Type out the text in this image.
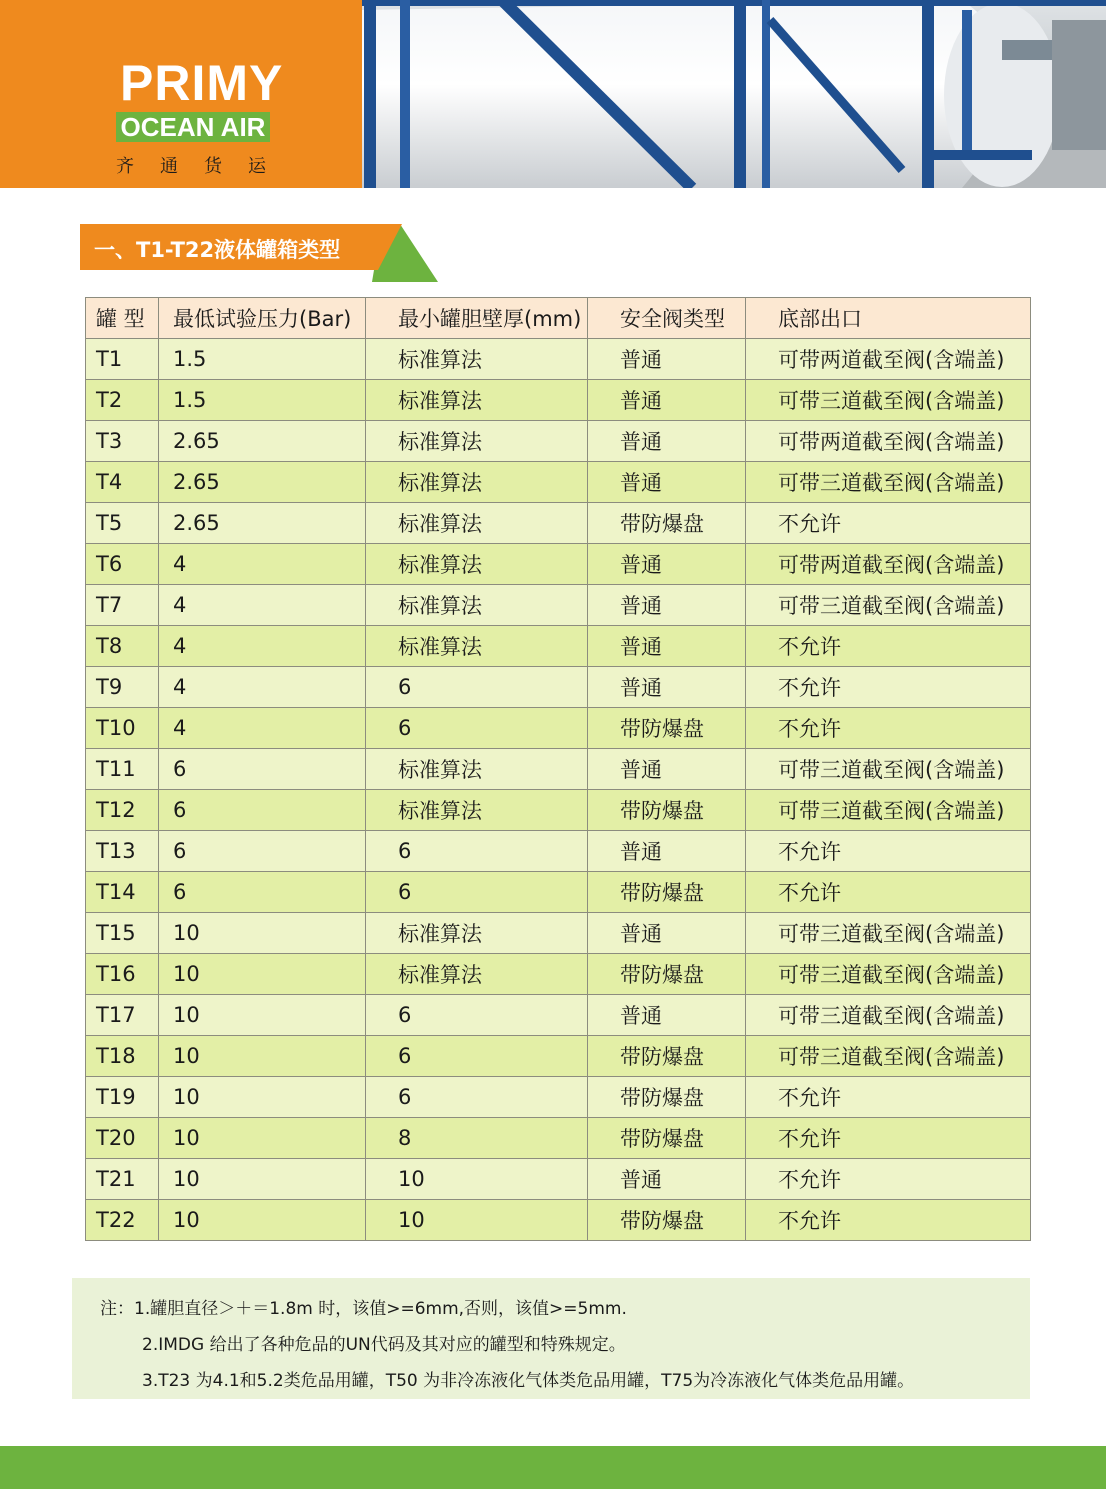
PRIMY
OCEAN AIR
齐通货运
一、T1-T22液体罐箱类型
罐 型	最低试验压力(Bar)	最小罐胆壁厚(mm)	安全阀类型	底部出口
T1	1.5	标准算法	普通	可带两道截至阀(含端盖)
T2	1.5	标准算法	普通	可带三道截至阀(含端盖)
T3	2.65	标准算法	普通	可带两道截至阀(含端盖)
T4	2.65	标准算法	普通	可带三道截至阀(含端盖)
T5	2.65	标准算法	带防爆盘	不允许
T6	4	标准算法	普通	可带两道截至阀(含端盖)
T7	4	标准算法	普通	可带三道截至阀(含端盖)
T8	4	标准算法	普通	不允许
T9	4	6	普通	不允许
T10	4	6	带防爆盘	不允许
T11	6	标准算法	普通	可带三道截至阀(含端盖)
T12	6	标准算法	带防爆盘	可带三道截至阀(含端盖)
T13	6	6	普通	不允许
T14	6	6	带防爆盘	不允许
T15	10	标准算法	普通	可带三道截至阀(含端盖)
T16	10	标准算法	带防爆盘	可带三道截至阀(含端盖)
T17	10	6	普通	可带三道截至阀(含端盖)
T18	10	6	带防爆盘	可带三道截至阀(含端盖)
T19	10	6	带防爆盘	不允许
T20	10	8	带防爆盘	不允许
T21	10	10	普通	不允许
T22	10	10	带防爆盘	不允许
注：1.罐胆直径＞＋＝1.8m 时，该值>=6mm,否则，该值>=5mm.
2.IMDG 给出了各种危品的UN代码及其对应的罐型和特殊规定。
3.T23 为4.1和5.2类危品用罐，T50 为非冷冻液化气体类危品用罐，T75为冷冻液化气体类危品用罐。
